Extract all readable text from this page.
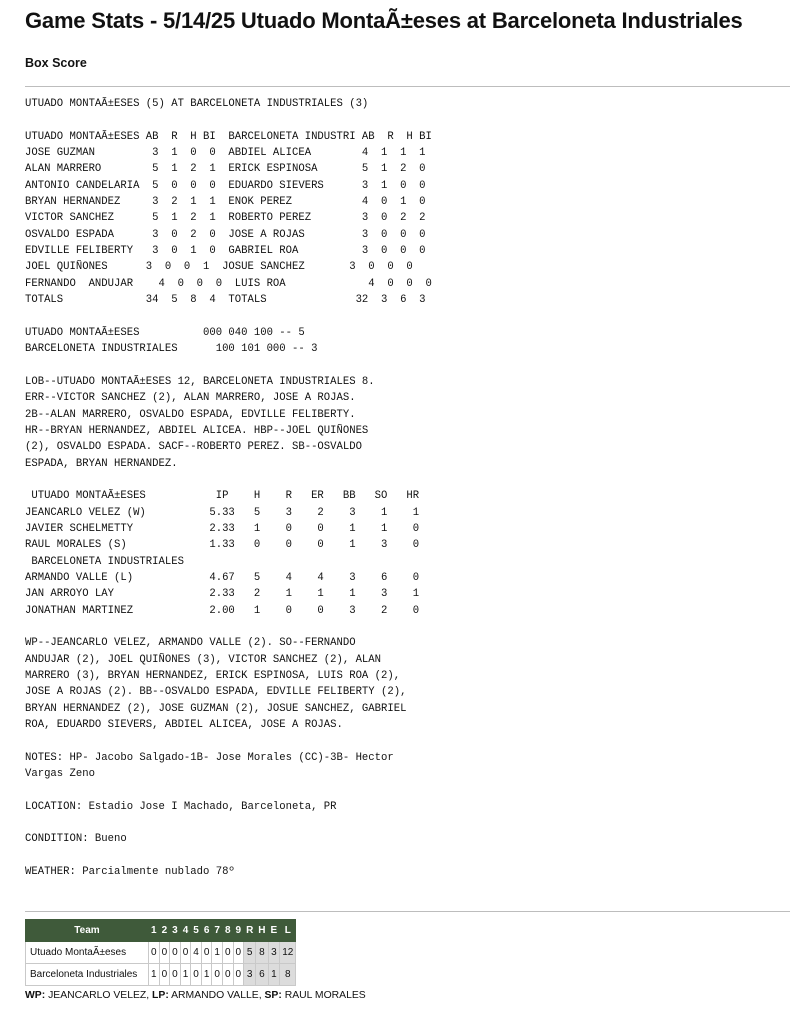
Game Stats - 5/14/25 Utuado MontaÃ±eses at Barceloneta Industriales
Box Score
UTUADO MONTAÃ±ESES (5) AT BARCELONETA INDUSTRIALES (3)

UTUADO MONTAÃ±ESES AB  R  H BI  BARCELONETA INDUSTRI AB  R  H BI
JOSE GUZMAN         3  1  0  0  ABDIEL ALICEA        4  1  1  1
ALAN MARRERO        5  1  2  1  ERICK ESPINOSA       5  1  2  0
ANTONIO CANDELARIA  5  0  0  0  EDUARDO SIEVERS      3  1  0  0
BRYAN HERNANDEZ     3  2  1  1  ENOK PEREZ           4  0  1  0
VICTOR SANCHEZ      5  1  2  1  ROBERTO PEREZ        3  0  2  2
OSVALDO ESPADA      3  0  2  0  JOSE A ROJAS         3  0  0  0
EDVILLE FELIBERTY   3  0  1  0  GABRIEL ROA          3  0  0  0
JOEL QUIÑONES      3  0  0  1  JOSUE SANCHEZ       3  0  0  0
FERNANDO  ANDUJAR    4  0  0  0  LUIS ROA             4  0  0  0
TOTALS             34  5  8  4  TOTALS              32  3  6  3

UTUADO MONTAÃ±ESES          000 040 100 -- 5
BARCELONETA INDUSTRIALES      100 101 000 -- 3

LOB--UTUADO MONTAÃ±ESES 12, BARCELONETA INDUSTRIALES 8.
ERR--VICTOR SANCHEZ (2), ALAN MARRERO, JOSE A ROJAS.
2B--ALAN MARRERO, OSVALDO ESPADA, EDVILLE FELIBERTY.
HR--BRYAN HERNANDEZ, ABDIEL ALICEA. HBP--JOEL QUIÑONES
(2), OSVALDO ESPADA. SACF--ROBERTO PEREZ. SB--OSVALDO
ESPADA, BRYAN HERNANDEZ.

UTUADO MONTAÃ±ESES           IP    H    R   ER   BB   SO   HR
JEANCARLO VELEZ (W)          5.33   5    3    2    3    1    1
JAVIER SCHELMETTY            2.33   1    0    0    1    1    0
RAUL MORALES (S)             1.33   0    0    0    1    3    0
BARCELONETA INDUSTRIALES
ARMANDO VALLE (L)            4.67   5    4    4    3    6    0
JAN ARROYO LAY               2.33   2    1    1    1    3    1
JONATHAN MARTINEZ            2.00   1    0    0    3    2    0

WP--JEANCARLO VELEZ, ARMANDO VALLE (2). SO--FERNANDO
ANDUJAR (2), JOEL QUIÑONES (3), VICTOR SANCHEZ (2), ALAN
MARRERO (3), BRYAN HERNANDEZ, ERICK ESPINOSA, LUIS ROA (2),
JOSE A ROJAS (2). BB--OSVALDO ESPADA, EDVILLE FELIBERTY (2),
BRYAN HERNANDEZ (2), JOSE GUZMAN (2), JOSUE SANCHEZ, GABRIEL
ROA, EDUARDO SIEVERS, ABDIEL ALICEA, JOSE A ROJAS.

NOTES: HP- Jacobo Salgado-1B- Jose Morales (CC)-3B- Hector
Vargas Zeno

LOCATION: Estadio Jose I Machado, Barceloneta, PR

CONDITION: Bueno

WEATHER: Parcialmente nublado 78º
Team	1	2	3	4	5	6	7	8	9	R	H	E	L
Utuado MontaÃ±eses	0	0	0	0	4	0	1	0	0	5	8	3	12
Barceloneta Industriales	1	0	0	1	0	1	0	0	0	3	6	1	8
WP: JEANCARLO VELEZ, LP: ARMANDO VALLE, SP: RAUL MORALES
